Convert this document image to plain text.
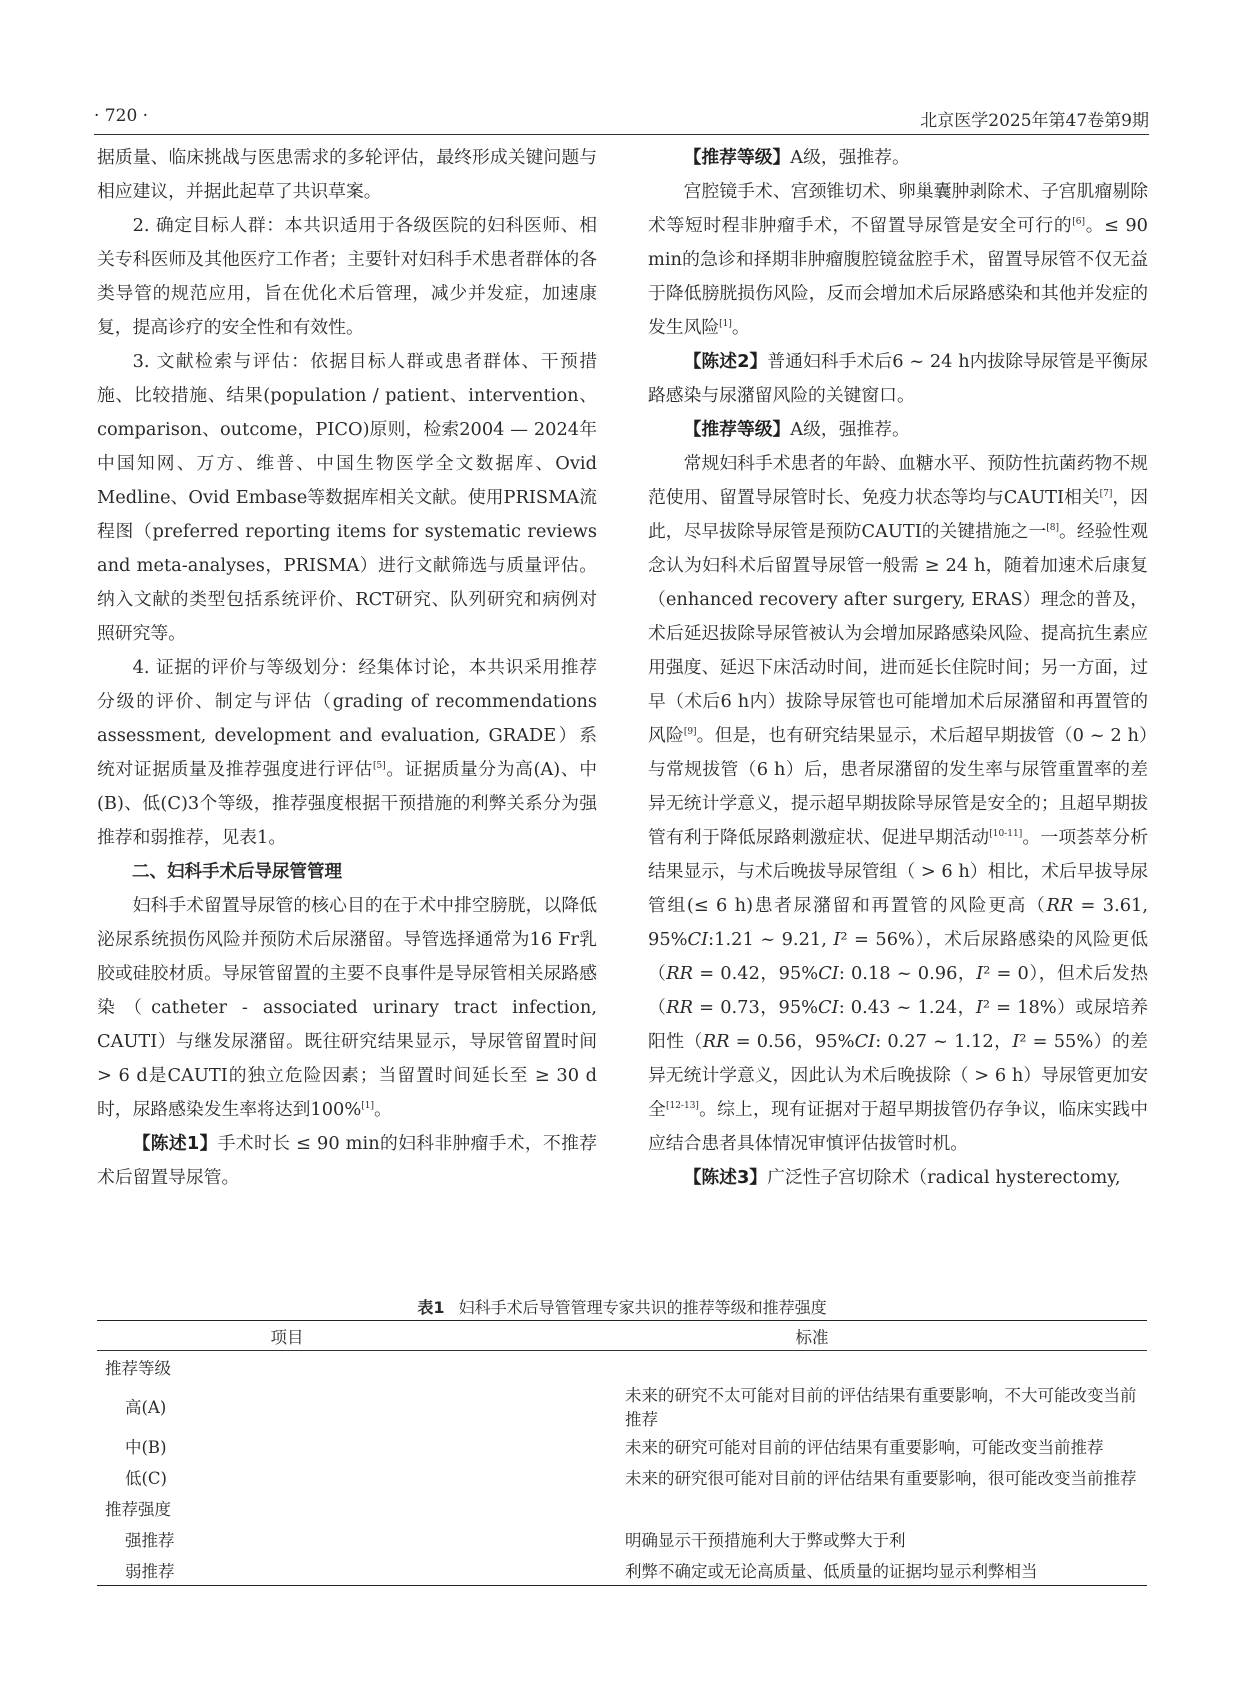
· 720 ·	北京医学2025年第47卷第9期

据质量、临床挑战与医患需求的多轮评估，最终形成关键问题与相应建议，并据此起草了共识草案。

2. 确定目标人群：本共识适用于各级医院的妇科医师、相关专科医师及其他医疗工作者；主要针对妇科手术患者群体的各类导管的规范应用，旨在优化术后管理，减少并发症，加速康复，提高诊疗的安全性和有效性。

3. 文献检索与评估：依据目标人群或患者群体、干预措施、比较措施、结果(population / patient、intervention、comparison、outcome，PICO)原则，检索2004 — 2024年中国知网、万方、维普、中国生物医学全文数据库、Ovid Medline、Ovid Embase等数据库相关文献。使用PRISMA流程图（preferred reporting items for systematic reviews and meta-analyses，PRISMA）进行文献筛选与质量评估。纳入文献的类型包括系统评价、RCT研究、队列研究和病例对照研究等。

4. 证据的评价与等级划分：经集体讨论，本共识采用推荐分级的评价、制定与评估（grading of recommendations assessment, development and evaluation, GRADE）系统对证据质量及推荐强度进行评估[5]。证据质量分为高(A)、中(B)、低(C)3个等级，推荐强度根据干预措施的利弊关系分为强推荐和弱推荐，见表1。

二、妇科手术后导尿管管理

妇科手术留置导尿管的核心目的在于术中排空膀胱，以降低泌尿系统损伤风险并预防术后尿潴留。导管选择通常为16 Fr乳胶或硅胶材质。导尿管留置的主要不良事件是导尿管相关尿路感染（catheter - associated urinary tract infection, CAUTI）与继发尿潴留。既往研究结果显示，导尿管留置时间 > 6 d是CAUTI的独立危险因素；当留置时间延长至 ≥ 30 d时，尿路感染发生率将达到100%[1]。

【陈述1】手术时长 ≤ 90 min的妇科非肿瘤手术，不推荐术后留置导尿管。

【推荐等级】A级，强推荐。

宫腔镜手术、宫颈锥切术、卵巢囊肿剥除术、子宫肌瘤剔除术等短时程非肿瘤手术，不留置导尿管是安全可行的[6]。≤ 90 min的急诊和择期非肿瘤腹腔镜盆腔手术，留置导尿管不仅无益于降低膀胱损伤风险，反而会增加术后尿路感染和其他并发症的发生风险[1]。

【陈述2】普通妇科手术后6 ~ 24 h内拔除导尿管是平衡尿路感染与尿潴留风险的关键窗口。

【推荐等级】A级，强推荐。

常规妇科手术患者的年龄、血糖水平、预防性抗菌药物不规范使用、留置导尿管时长、免疫力状态等均与CAUTI相关[7]，因此，尽早拔除导尿管是预防CAUTI的关键措施之一[8]。经验性观念认为妇科术后留置导尿管一般需 ≥ 24 h，随着加速术后康复（enhanced recovery after surgery, ERAS）理念的普及，术后延迟拔除导尿管被认为会增加尿路感染风险、提高抗生素应用强度、延迟下床活动时间，进而延长住院时间；另一方面，过早（术后6 h内）拔除导尿管也可能增加术后尿潴留和再置管的风险[9]。但是，也有研究结果显示，术后超早期拔管（0 ~ 2 h）与常规拔管（6 h）后，患者尿潴留的发生率与尿管重置率的差异无统计学意义，提示超早期拔除导尿管是安全的；且超早期拔管有利于降低尿路刺激症状、促进早期活动[10-11]。一项荟萃分析结果显示，与术后晚拔导尿管组（ > 6 h）相比，术后早拔导尿管组(≤ 6 h)患者尿潴留和再置管的风险更高（RR = 3.61, 95%CI:1.21 ~ 9.21, I² = 56%），术后尿路感染的风险更低（RR = 0.42，95%CI: 0.18 ~ 0.96，I² = 0），但术后发热（RR = 0.73，95%CI: 0.43 ~ 1.24，I² = 18%）或尿培养阳性（RR = 0.56，95%CI: 0.27 ~ 1.12，I² = 55%）的差异无统计学意义，因此认为术后晚拔除（ > 6 h）导尿管更加安全[12-13]。综上，现有证据对于超早期拔管仍存争议，临床实践中应结合患者具体情况审慎评估拔管时机。

【陈述3】广泛性子宫切除术（radical hysterectomy,

表1 妇科手术后导管管理专家共识的推荐等级和推荐强度
项目	标准
推荐等级	
高(A)	未来的研究不太可能对目前的评估结果有重要影响，不大可能改变当前推荐
中(B)	未来的研究可能对目前的评估结果有重要影响，可能改变当前推荐
低(C)	未来的研究很可能对目前的评估结果有重要影响，很可能改变当前推荐
推荐强度	
强推荐	明确显示干预措施利大于弊或弊大于利
弱推荐	利弊不确定或无论高质量、低质量的证据均显示利弊相当
